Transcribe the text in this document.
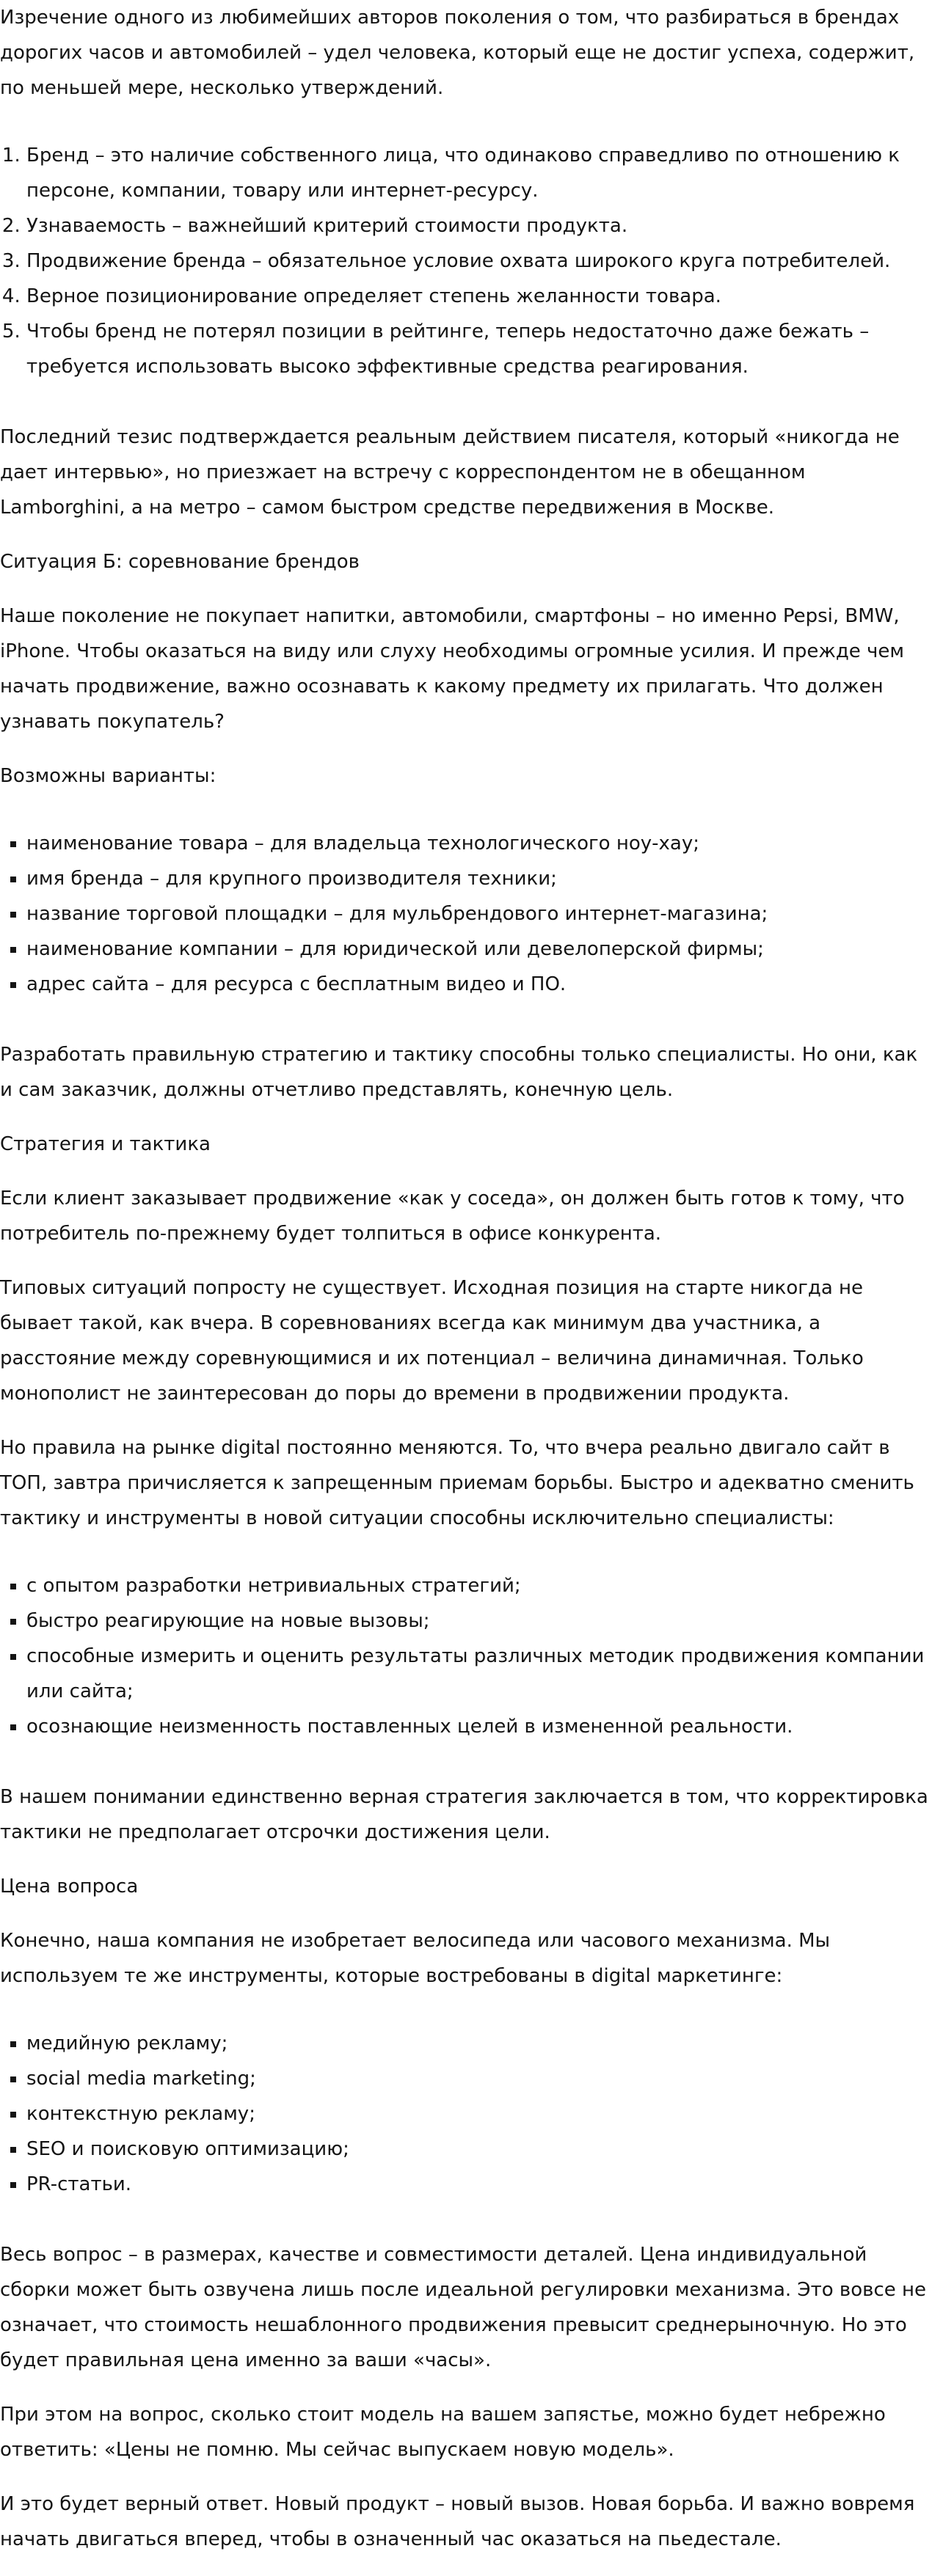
Изречение одного из любимейших авторов поколения о том, что разбираться в брендах дорогих часов и автомобилей – удел человека, который еще не достиг успеха, содержит, по меньшей мере, несколько утверждений.

1. Бренд – это наличие собственного лица, что одинаково справедливо по отношению к персоне, компании, товару или интернет-ресурсу.
2. Узнаваемость – важнейший критерий стоимости продукта.
3. Продвижение бренда – обязательное условие охвата широкого круга потребителей.
4. Верное позиционирование определяет степень желанности товара.
5. Чтобы бренд не потерял позиции в рейтинге, теперь недостаточно даже бежать – требуется использовать высоко эффективные средства реагирования.

Последний тезис подтверждается реальным действием писателя, который «никогда не дает интервью», но приезжает на встречу с корреспондентом не в обещанном Lamborghini, а на метро – самом быстром средстве передвижения в Москве.

Ситуация Б: соревнование брендов

Наше поколение не покупает напитки, автомобили, смартфоны – но именно Pepsi, BMW, iPhone. Чтобы оказаться на виду или слуху необходимы огромные усилия. И прежде чем начать продвижение, важно осознавать к какому предмету их прилагать. Что должен узнавать покупатель?

Возможны варианты:

▪ наименование товара – для владельца технологического ноу-хау;
▪ имя бренда – для крупного производителя техники;
▪ название торговой площадки – для мульбрендового интернет-магазина;
▪ наименование компании – для юридической или девелоперской фирмы;
▪ адрес сайта – для ресурса с бесплатным видео и ПО.

Разработать правильную стратегию и тактику способны только специалисты. Но они, как и сам заказчик, должны отчетливо представлять, конечную цель.

Стратегия и тактика

Если клиент заказывает продвижение «как у соседа», он должен быть готов к тому, что потребитель по-прежнему будет толпиться в офисе конкурента.

Типовых ситуаций попросту не существует. Исходная позиция на старте никогда не бывает такой, как вчера. В соревнованиях всегда как минимум два участника, а расстояние между соревнующимися и их потенциал – величина динамичная. Только монополист не заинтересован до поры до времени в продвижении продукта.

Но правила на рынке digital постоянно меняются. То, что вчера реально двигало сайт в ТОП, завтра причисляется к запрещенным приемам борьбы. Быстро и адекватно сменить тактику и инструменты в новой ситуации способны исключительно специалисты:

▪ с опытом разработки нетривиальных стратегий;
▪ быстро реагирующие на новые вызовы;
▪ способные измерить и оценить результаты различных методик продвижения компании или сайта;
▪ осознающие неизменность поставленных целей в измененной реальности.

В нашем понимании единственно верная стратегия заключается в том, что корректировка тактики не предполагает отсрочки достижения цели.

Цена вопроса

Конечно, наша компания не изобретает велосипеда или часового механизма. Мы используем те же инструменты, которые востребованы в digital маркетинге:

▪ медийную рекламу;
▪ social media marketing;
▪ контекстную рекламу;
▪ SEO и поисковую оптимизацию;
▪ PR-статьи.

Весь вопрос – в размерах, качестве и совместимости деталей. Цена индивидуальной сборки может быть озвучена лишь после идеальной регулировки механизма. Это вовсе не означает, что стоимость нешаблонного продвижения превысит среднерыночную. Но это будет правильная цена именно за ваши «часы».

При этом на вопрос, сколько стоит модель на вашем запястье, можно будет небрежно ответить: «Цены не помню. Мы сейчас выпускаем новую модель».

И это будет верный ответ. Новый продукт – новый вызов. Новая борьба. И важно вовремя начать двигаться вперед, чтобы в означенный час оказаться на пьедестале.
